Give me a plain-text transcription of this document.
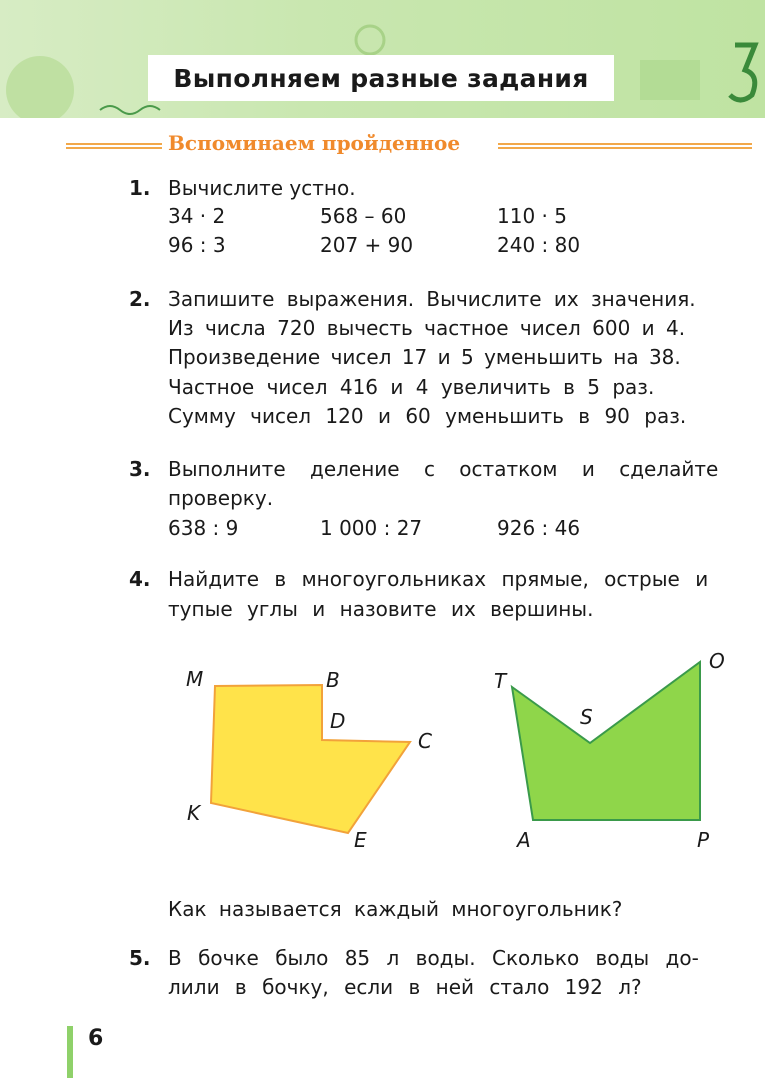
Выполняем разные задания
Вспоминаем пройденное
1. Вычислите устно.
34 · 2	568 – 60	110 · 5
96 : 3	207 + 90	240 : 80
2. Запишите выражения. Вычислите их значения.
Из числа 720 вычесть частное чисел 600 и 4.
Произведение чисел 17 и 5 уменьшить на 38.
Частное чисел 416 и 4 увеличить в 5 раз.
Сумму чисел 120 и 60 уменьшить в 90 раз.
3. Выполните деление с остатком и сделайте
проверку.
638 : 9	1 000 : 27	926 : 46
4. Найдите в многоугольниках прямые, острые и
тупые углы и назовите их вершины.
M	B
D
C
E
K
T
S
O
A	P
Как называется каждый многоугольник?
5. В бочке было 85 л воды. Сколько воды до-
лили в бочку, если в ней стало 192 л?
6
